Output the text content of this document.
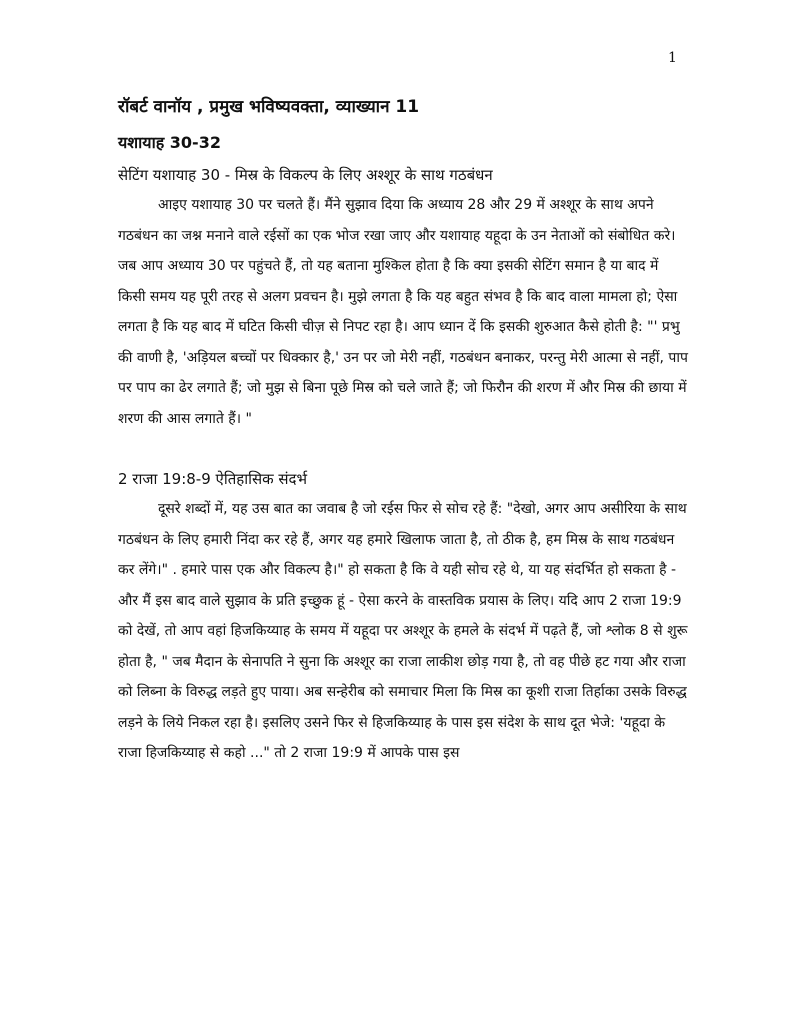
1
रॉबर्ट वानॉय , प्रमुख भविष्यवक्ता, व्याख्यान 11
यशायाह 30-32
सेटिंग यशायाह 30 - मिस्र के विकल्प के लिए अश्शूर के साथ गठबंधन

आइए यशायाह 30 पर चलते हैं। मैंने सुझाव दिया कि अध्याय 28 और 29 में अश्शूर के साथ अपने गठबंधन का जश्न मनाने वाले रईसों का एक भोज रखा जाए और यशायाह यहूदा के उन नेताओं को संबोधित करे। जब आप अध्याय 30 पर पहुंचते हैं, तो यह बताना मुश्किल होता है कि क्या इसकी सेटिंग समान है या बाद में किसी समय यह पूरी तरह से अलग प्रवचन है। मुझे लगता है कि यह बहुत संभव है कि बाद वाला मामला हो; ऐसा लगता है कि यह बाद में घटित किसी चीज़ से निपट रहा है। आप ध्यान दें कि इसकी शुरुआत कैसे होती है: "' प्रभु की वाणी है, 'अड़ियल बच्चों पर धिक्कार है,' उन पर जो मेरी नहीं, गठबंधन बनाकर, परन्तु मेरी आत्मा से नहीं, पाप पर पाप का ढेर लगाते हैं; जो मुझ से बिना पूछे मिस्र को चले जाते हैं; जो फिरौन की शरण में और मिस्र की छाया में शरण की आस लगाते हैं। "

2 राजा 19:8-9 ऐतिहासिक संदर्भ

दूसरे शब्दों में, यह उस बात का जवाब है जो रईस फिर से सोच रहे हैं: "देखो, अगर आप असीरिया के साथ गठबंधन के लिए हमारी निंदा कर रहे हैं, अगर यह हमारे खिलाफ जाता है, तो ठीक है, हम मिस्र के साथ गठबंधन कर लेंगे।" . हमारे पास एक और विकल्प है।" हो सकता है कि वे यही सोच रहे थे, या यह संदर्भित हो सकता है - और मैं इस बाद वाले सुझाव के प्रति इच्छुक हूं - ऐसा करने के वास्तविक प्रयास के लिए। यदि आप 2 राजा 19:9 को देखें, तो आप वहां हिजकिय्याह के समय में यहूदा पर अश्शूर के हमले के संदर्भ में पढ़ते हैं, जो श्लोक 8 से शुरू होता है, " जब मैदान के सेनापति ने सुना कि अश्शूर का राजा लाकीश छोड़ गया है, तो वह पीछे हट गया और राजा को लिब्ना के विरुद्ध लड़ते हुए पाया। अब सन्हेरीब को समाचार मिला कि मिस्र का कूशी राजा तिर्हाका उसके विरुद्ध लड़ने के लिये निकल रहा है। इसलिए उसने फिर से हिजकिय्याह के पास इस संदेश के साथ दूत भेजे: 'यहूदा के राजा हिजकिय्याह से कहो ..." तो 2 राजा 19:9 में आपके पास इस
